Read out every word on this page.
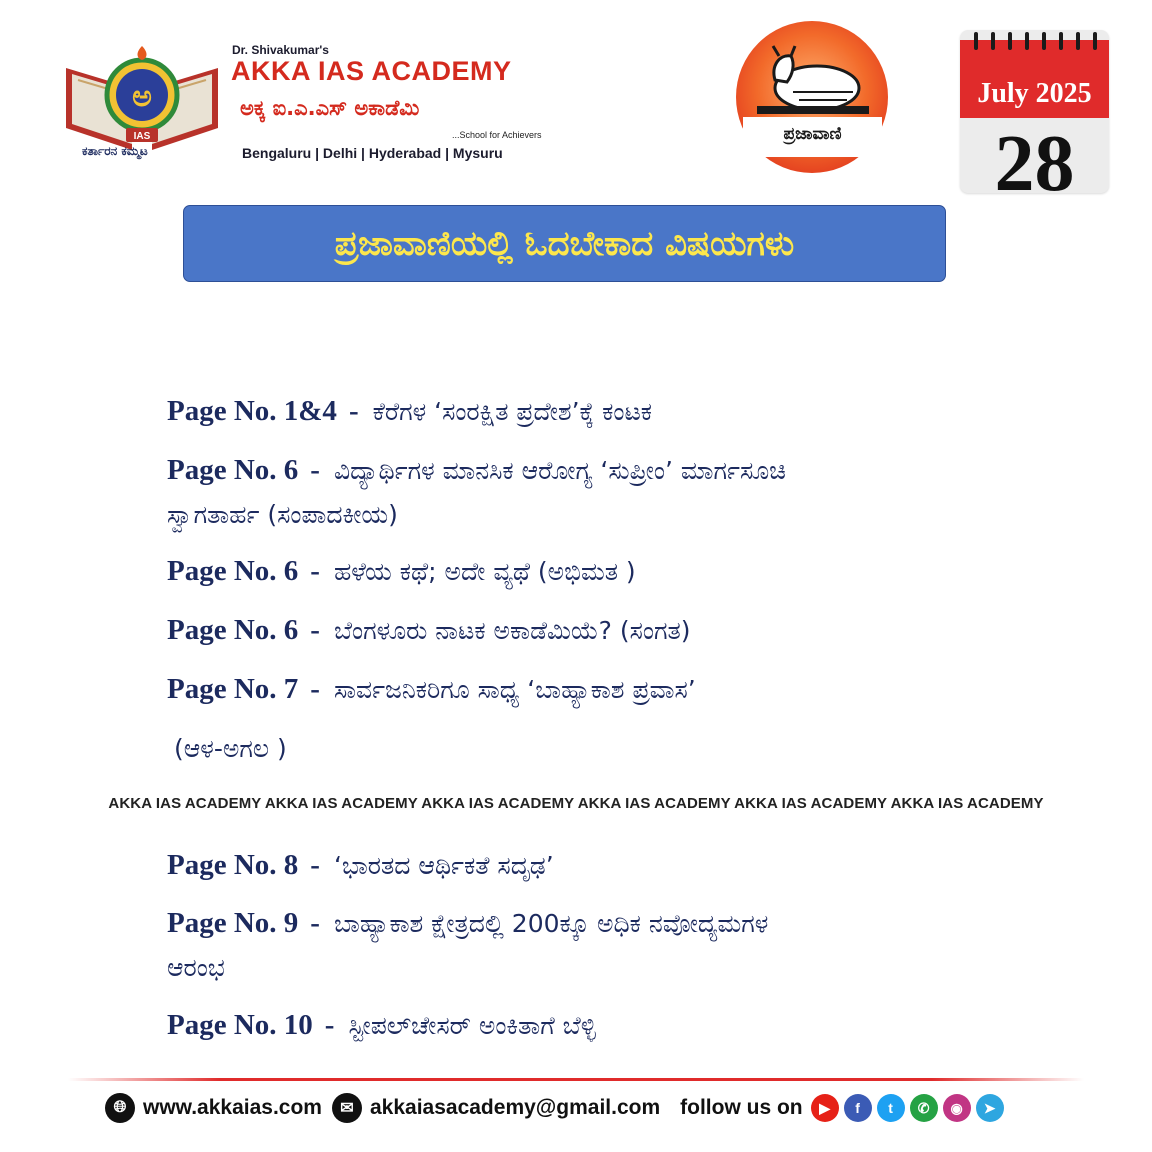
ಅ
IAS
ಕರ್ತಾರನ ಕಮ್ಮಟ
Dr. Shivakumar's
AKKA IAS ACADEMY
ಅಕ್ಕ ಐ.ಎ.ಎಸ್ ಅಕಾಡೆಮಿ
...School for Achievers
Bengaluru | Delhi | Hyderabad | Mysuru
ಪ್ರಜಾವಾಣಿ
July 2025
28
ಪ್ರಜಾವಾಣಿಯಲ್ಲಿ ಓದಬೇಕಾದ ವಿಷಯಗಳು
Page No. 1&4 - ಕೆರೆಗಳ ‘ಸಂರಕ್ಷಿತ ಪ್ರದೇಶ’ಕ್ಕೆ ಕಂಟಕ
Page No. 6 - ವಿದ್ಯಾರ್ಥಿಗಳ ಮಾನಸಿಕ ಆರೋಗ್ಯ ‘ಸುಪ್ರೀಂ’ ಮಾರ್ಗಸೂಚಿ
ಸ್ವಾಗತಾರ್ಹ (ಸಂಪಾದಕೀಯ)
Page No. 6 - ಹಳೆಯ ಕಥೆ; ಅದೇ ವ್ಯಥೆ (ಅಭಿಮತ )
Page No. 6 - ಬೆಂಗಳೂರು ನಾಟಕ ಅಕಾಡೆಮಿಯೆ? (ಸಂಗತ)
Page No. 7 - ಸಾರ್ವಜನಿಕರಿಗೂ ಸಾಧ್ಯ ‘ಬಾಹ್ಯಾಕಾಶ ಪ್ರವಾಸ’
(ಆಳ-ಅಗಲ )
AKKA IAS ACADEMY AKKA IAS ACADEMY AKKA IAS ACADEMY AKKA IAS ACADEMY AKKA IAS ACADEMY AKKA IAS ACADEMY
Page No. 8 - ‘ಭಾರತದ ಆರ್ಥಿಕತೆ ಸದೃಢ’
Page No. 9 - ಬಾಹ್ಯಾಕಾಶ ಕ್ಷೇತ್ರದಲ್ಲಿ 200ಕ್ಕೂ ಅಧಿಕ ನವೋದ್ಯಮಗಳ
ಆರಂಭ
Page No. 10 - ಸ್ಟೀಪಲ್‌ಚೇಸರ್ ಅಂಕಿತಾಗೆ ಬೆಳ್ಳಿ
🌐︎ www.akkaias.com	✉ akkaiasacademy@gmail.com follow us on	▶	f	t	✆	◉	➤
